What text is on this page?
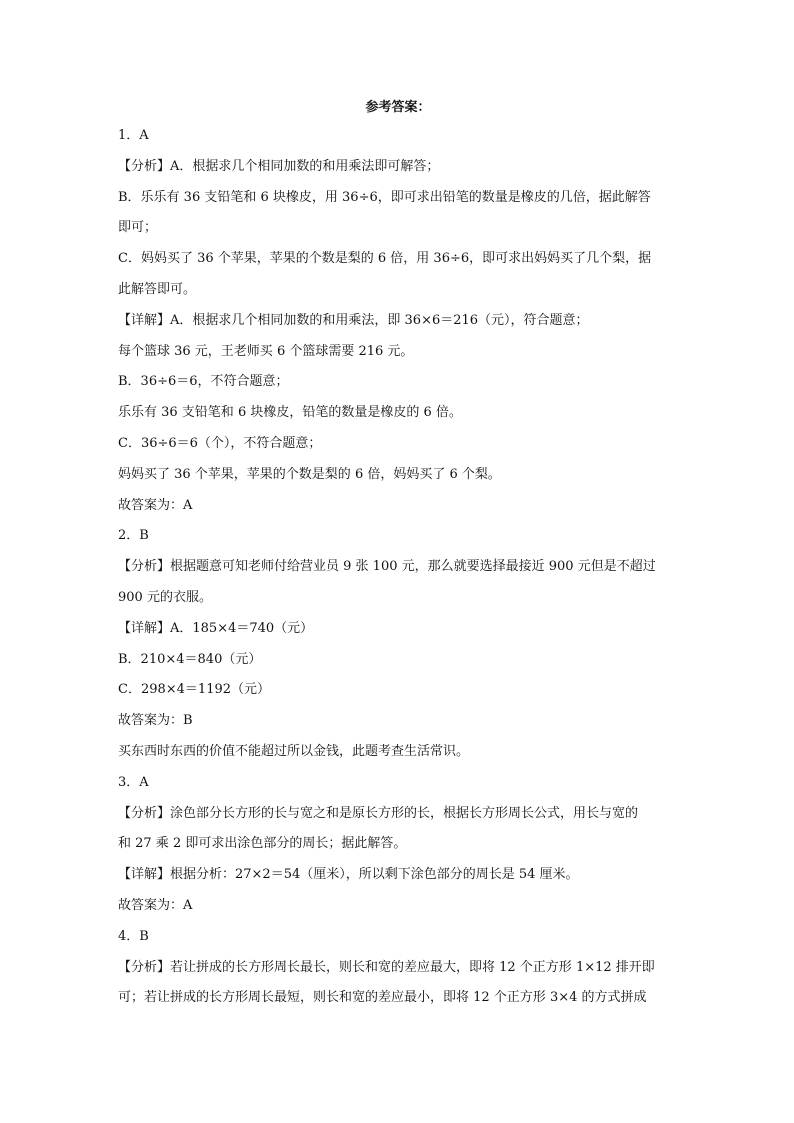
参考答案：
1．A
【分析】A．根据求几个相同加数的和用乘法即可解答；
B．乐乐有 36 支铅笔和 6 块橡皮，用 36÷6，即可求出铅笔的数量是橡皮的几倍，据此解答
即可；
C．妈妈买了 36 个苹果，苹果的个数是梨的 6 倍，用 36÷6，即可求出妈妈买了几个梨，据
此解答即可。
【详解】A．根据求几个相同加数的和用乘法，即 36×6＝216（元），符合题意；
每个篮球 36 元，王老师买 6 个篮球需要 216 元。
B．36÷6＝6，不符合题意；
乐乐有 36 支铅笔和 6 块橡皮，铅笔的数量是橡皮的 6 倍。
C．36÷6＝6（个），不符合题意；
妈妈买了 36 个苹果，苹果的个数是梨的 6 倍，妈妈买了 6 个梨。
故答案为：A
2．B
【分析】根据题意可知老师付给营业员 9 张 100 元，那么就要选择最接近 900 元但是不超过
900 元的衣服。
【详解】A．185×4＝740（元）
B．210×4＝840（元）
C．298×4＝1192（元）
故答案为：B
买东西时东西的价值不能超过所以金钱，此题考查生活常识。
3．A
【分析】涂色部分长方形的长与宽之和是原长方形的长，根据长方形周长公式，用长与宽的
和 27 乘 2 即可求出涂色部分的周长；据此解答。
【详解】根据分析：27×2＝54（厘米），所以剩下涂色部分的周长是 54 厘米。
故答案为：A
4．B
【分析】若让拼成的长方形周长最长，则长和宽的差应最大，即将 12 个正方形 1×12 排开即
可；若让拼成的长方形周长最短，则长和宽的差应最小，即将 12 个正方形 3×4 的方式拼成
